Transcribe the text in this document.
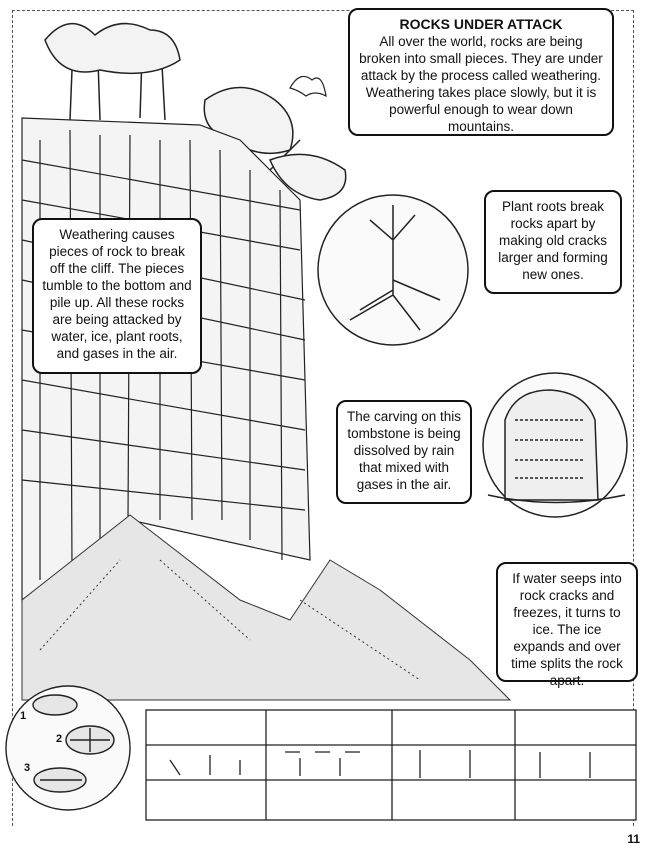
ROCKS UNDER ATTACK
All over the world, rocks are being broken into small pieces. They are under attack by the process called weathering. Weathering takes place slowly, but it is powerful enough to wear down mountains.
Weathering causes pieces of rock to break off the cliff. The pieces tumble to the bottom and pile up. All these rocks are being attacked by water, ice, plant roots, and gases in the air.
Plant roots break rocks apart by making old cracks larger and forming new ones.
The carving on this tombstone is being dissolved by rain that mixed with gases in the air.
If water seeps into rock cracks and freezes, it turns to ice. The ice expands and over time splits the rock apart.
1
2
3
11
